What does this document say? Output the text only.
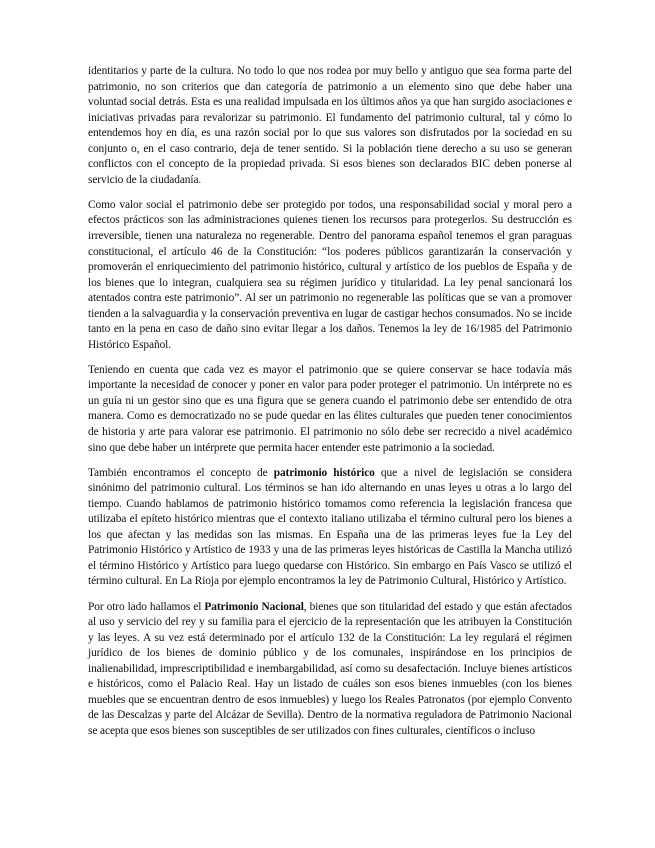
identitarios y parte de la cultura. No todo lo que nos rodea por muy bello y antiguo que sea forma parte del patrimonio, no son criterios que dan categoría de patrimonio a un elemento sino que debe haber una voluntad social detrás. Esta es una realidad impulsada en los últimos años ya que han surgido asociaciones e iniciativas privadas para revalorizar su patrimonio. El fundamento del patrimonio cultural, tal y cómo lo entendemos hoy en día, es una razón social por lo que sus valores son disfrutados por la sociedad en su conjunto o, en el caso contrario, deja de tener sentido. Si la población tiene derecho a su uso se generan conflictos con el concepto de la propiedad privada. Si esos bienes son declarados BIC deben ponerse al servicio de la ciudadanía.

Como valor social el patrimonio debe ser protegido por todos, una responsabilidad social y moral pero a efectos prácticos son las administraciones quienes tienen los recursos para protegerlos. Su destrucción es irreversible, tienen una naturaleza no regenerable. Dentro del panorama español tenemos el gran paraguas constitucional, el artículo 46 de la Constitución: “los poderes públicos garantizarán la conservación y promoverán el enriquecimiento del patrimonio histórico, cultural y artístico de los pueblos de España y de los bienes que lo integran, cualquiera sea su régimen jurídico y titularidad. La ley penal sancionará los atentados contra este patrimonio”. Al ser un patrimonio no regenerable las políticas que se van a promover tienden a la salvaguardia y la conservación preventiva en lugar de castigar hechos consumados. No se incide tanto en la pena en caso de daño sino evitar llegar a los daños. Tenemos la ley de 16/1985 del Patrimonio Histórico Español.

Teniendo en cuenta que cada vez es mayor el patrimonio que se quiere conservar se hace todavía más importante la necesidad de conocer y poner en valor para poder proteger el patrimonio. Un intérprete no es un guía ni un gestor sino que es una figura que se genera cuando el patrimonio debe ser entendido de otra manera. Como es democratizado no se pude quedar en las élites culturales que pueden tener conocimientos de historia y arte para valorar ese patrimonio. El patrimonio no sólo debe ser recrecido a nivel académico sino que debe haber un intérprete que permita hacer entender este patrimonio a la sociedad.

También encontramos el concepto de patrimonio histórico que a nivel de legislación se considera sinónimo del patrimonio cultural. Los términos se han ido alternando en unas leyes u otras a lo largo del tiempo. Cuando hablamos de patrimonio histórico tomamos como referencia la legislación francesa que utilizaba el epíteto histórico mientras que el contexto italiano utilizaba el término cultural pero los bienes a los que afectan y las medidas son las mismas. En España una de las primeras leyes fue la Ley del Patrimonio Histórico y Artístico de 1933 y una de las primeras leyes históricas de Castilla la Mancha utilizó el término Histórico y Artístico para luego quedarse con Histórico. Sin embargo en País Vasco se utilizó el término cultural. En La Rioja por ejemplo encontramos la ley de Patrimonio Cultural, Histórico y Artístico.

Por otro lado hallamos el Patrimonio Nacional, bienes que son titularidad del estado y que están afectados al uso y servicio del rey y su familia para el ejercicio de la representación que les atribuyen la Constitución y las leyes. A su vez está determinado por el artículo 132 de la Constitución: La ley regulará el régimen jurídico de los bienes de dominio público y de los comunales, inspirándose en los principios de inalienabilidad, imprescriptibilidad e inembargabilidad, así como su desafectación. Incluye bienes artísticos e históricos, como el Palacio Real. Hay un listado de cuáles son esos bienes inmuebles (con los bienes muebles que se encuentran dentro de esos inmuebles) y luego los Reales Patronatos (por ejemplo Convento de las Descalzas y parte del Alcázar de Sevilla). Dentro de la normativa reguladora de Patrimonio Nacional se acepta que esos bienes son susceptibles de ser utilizados con fines culturales, científicos o incluso
